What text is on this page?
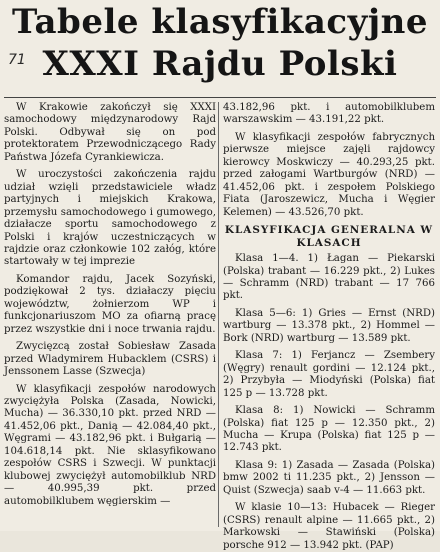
Tabele klasyfikacyjne
71 XXXI Rajdu Polski

W Krakowie zakończył się XXXI samochodowy międzynarodowy Rajd Polski. Odbywał się on pod protektoratem Przewodniczącego Rady Państwa Józefa Cyrankiewicza.

W uroczystości zakończenia rajdu udział wzięli przedstawiciele władz partyjnych i miejskich Krakowa, przemysłu samochodowego i gumowego, działacze sportu samochodowego z Polski i krajów uczestniczących w rajdzie oraz członkowie 102 załóg, które startowały w tej imprezie

Komandor rajdu, Jacek Sozyński, podziękował 2 tys. działaczy pięciu województw, żołnierzom WP i funkcjonariuszom MO za ofiarną pracę przez wszystkie dni i noce trwania rajdu.

Zwycięzcą został Sobiesław Zasada przed Wladymirem Hubacklem (CSRS) i Jenssonem Lasse (Szwecja)

W klasyfikacji zespołów narodowych zwyciężyła Polska (Zasada, Nowicki, Mucha) — 36.330,10 pkt. przed NRD — 41.452,06 pkt., Danią — 42.084,40 pkt., Węgrami — 43.182,96 pkt. i Bułgarią — 104.618,14 pkt. Nie sklasyfikowano zespołów CSRS i Szwecji. W punktacji klubowej zwyciężył automobilklub NRD — 40.995,39 pkt. przed automobilklubem węgierskim —

43.182,96 pkt. i automobilklubem warszawskim — 43.191,22 pkt.

W klasyfikacji zespołów fabrycznych pierwsze miejsce zajęli rajdowcy kierowcy Moskwiczy — 40.293,25 pkt. przed załogami Wartburgów (NRD) — 41.452,06 pkt. i zespołem Polskiego Fiata (Jaroszewicz, Mucha i Węgier Kelemen) — 43.526,70 pkt.

KLASYFIKACJA GENERALNA W KLASACH

Klasa 1—4. 1) Łagan — Piekarski (Polska) trabant — 16.229 pkt., 2) Lukes — Schramm (NRD) trabant — 17 766 pkt.

Klasa 5—6: 1) Gries — Ernst (NRD) wartburg — 13.378 pkt., 2) Hommel — Bork (NRD) wartburg — 13.589 pkt.

Klasa 7: 1) Ferjancz — Zsembery (Węgry) renault gordini — 12.124 pkt., 2) Przybyła — Miodyński (Polska) fiat 125 p — 13.728 pkt.

Klasa 8: 1) Nowicki — Schramm (Polska) fiat 125 p — 12.350 pkt., 2) Mucha — Krupa (Polska) fiat 125 p — 12.743 pkt.

Klasa 9: 1) Zasada — Zasada (Polska) bmw 2002 ti 11.235 pkt., 2) Jensson — Quist (Szwecja) saab v-4 — 11.663 pkt.

W klasie 10—13: Hubacek — Rieger (CSRS) renault alpine — 11.665 pkt., 2) Markowski — Stawiński (Polska) porsche 912 — 13.942 pkt. (PAP)
